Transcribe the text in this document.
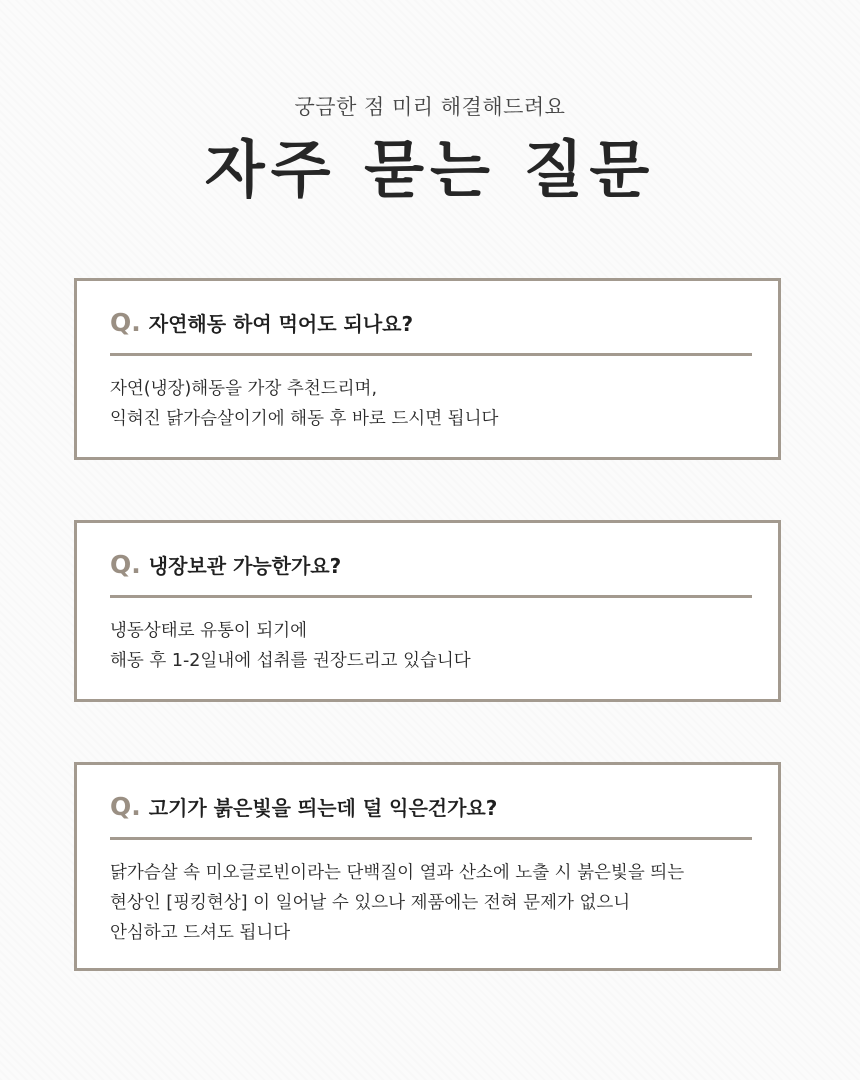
궁금한 점 미리 해결해드려요
자주 묻는 질문
Q. 자연해동 하여 먹어도 되나요?
자연(냉장)해동을 가장 추천드리며,
익혀진 닭가슴살이기에 해동 후 바로 드시면 됩니다
Q. 냉장보관 가능한가요?
냉동상태로 유통이 되기에
해동 후 1-2일내에 섭취를 권장드리고 있습니다
Q. 고기가 붉은빛을 띄는데 덜 익은건가요?
닭가슴살 속 미오글로빈이라는 단백질이 열과 산소에 노출 시 붉은빛을 띄는
현상인 [핑킹현상] 이 일어날 수 있으나 제품에는 전혀 문제가 없으니
안심하고 드셔도 됩니다
